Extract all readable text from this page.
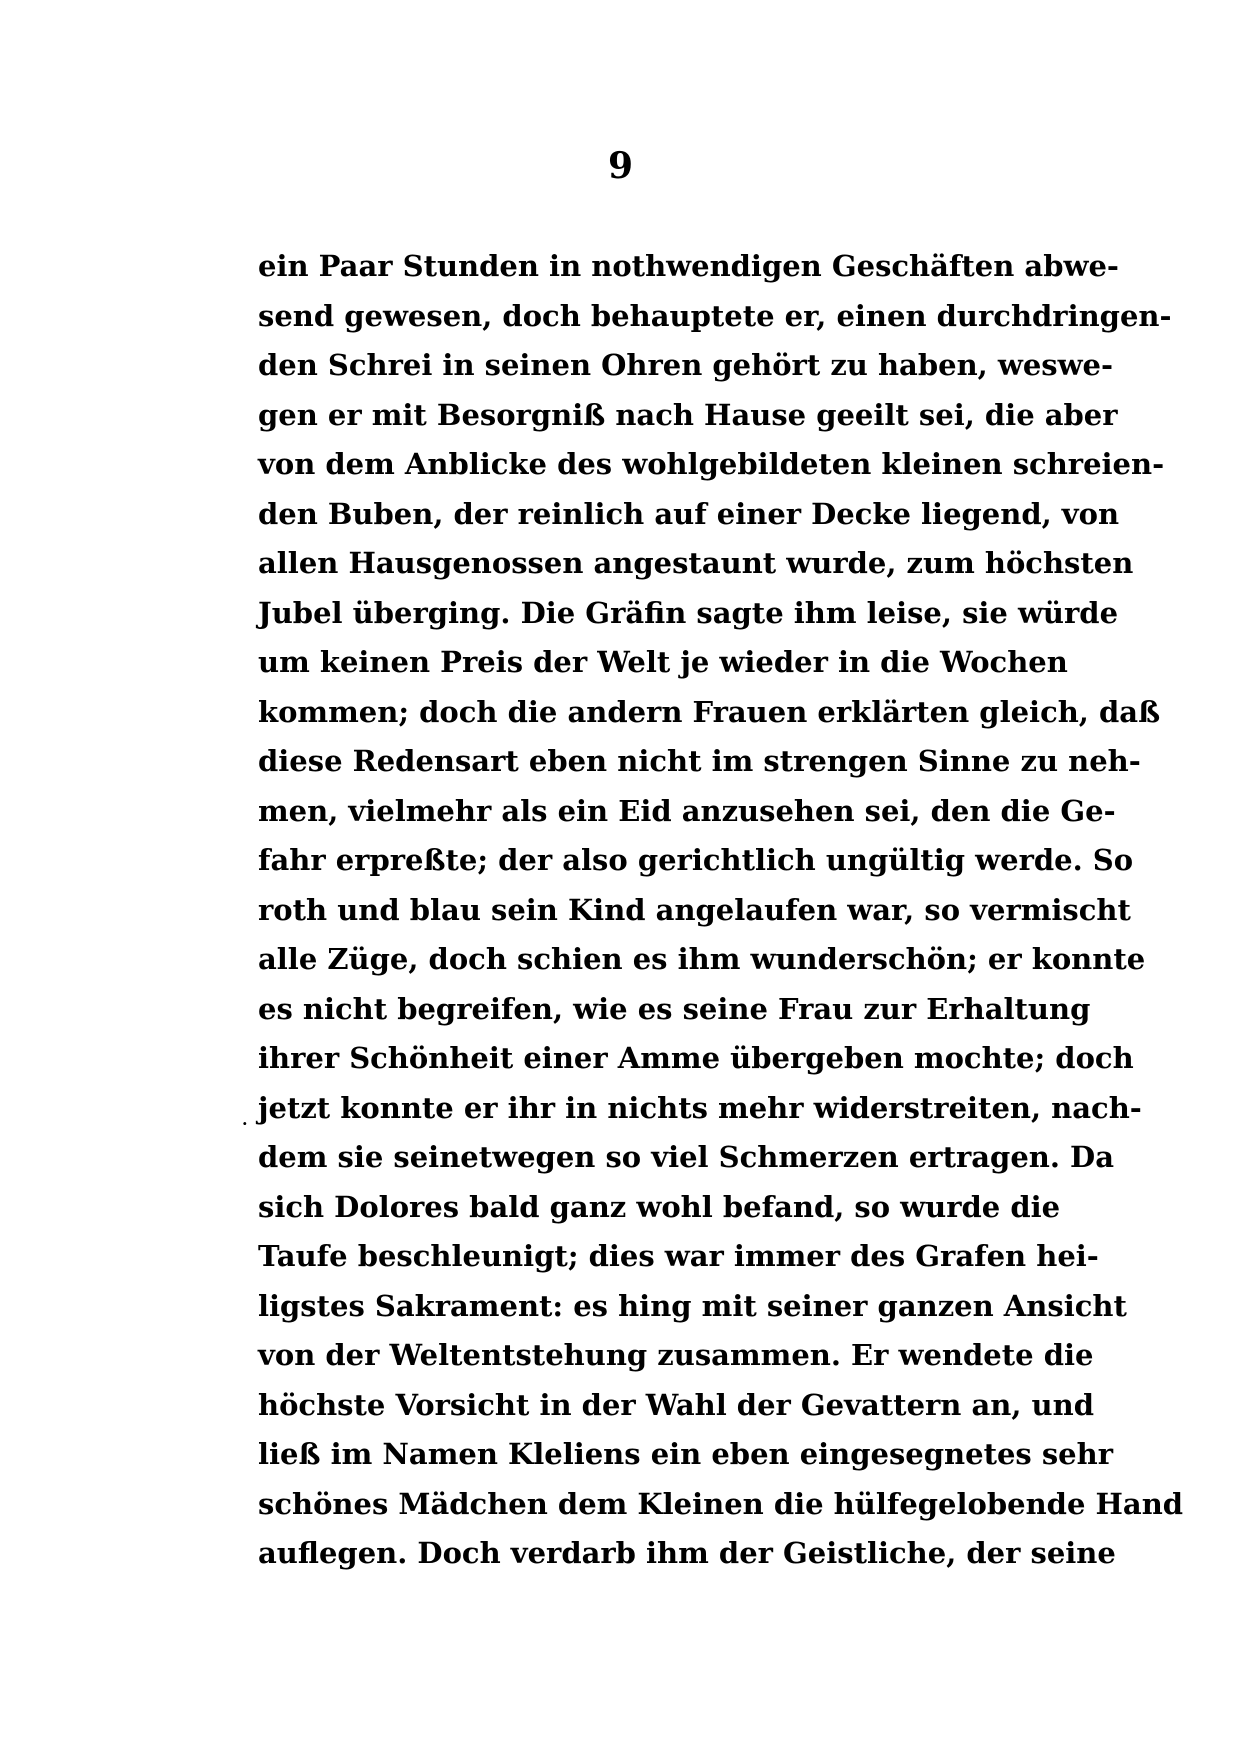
9
.
ein Paar Stunden in nothwendigen Geschäften abwe-
send gewesen, doch behauptete er, einen durchdringen-
den Schrei in seinen Ohren gehört zu haben, weswe-
gen er mit Besorgniß nach Hause geeilt sei, die aber
von dem Anblicke des wohlgebildeten kleinen schreien-
den Buben, der reinlich auf einer Decke liegend, von
allen Hausgenossen angestaunt wurde, zum höchsten
Jubel überging. Die Gräfin sagte ihm leise, sie würde
um keinen Preis der Welt je wieder in die Wochen
kommen; doch die andern Frauen erklärten gleich, daß
diese Redensart eben nicht im strengen Sinne zu neh-
men, vielmehr als ein Eid anzusehen sei, den die Ge-
fahr erpreßte; der also gerichtlich ungültig werde. So
roth und blau sein Kind angelaufen war, so vermischt
alle Züge, doch schien es ihm wunderschön; er konnte
es nicht begreifen, wie es seine Frau zur Erhaltung
ihrer Schönheit einer Amme übergeben mochte; doch
jetzt konnte er ihr in nichts mehr widerstreiten, nach-
dem sie seinetwegen so viel Schmerzen ertragen. Da
sich Dolores bald ganz wohl befand, so wurde die
Taufe beschleunigt; dies war immer des Grafen hei-
ligstes Sakrament: es hing mit seiner ganzen Ansicht
von der Weltentstehung zusammen. Er wendete die
höchste Vorsicht in der Wahl der Gevattern an, und
ließ im Namen Kleliens ein eben eingesegnetes sehr
schönes Mädchen dem Kleinen die hülfegelobende Hand
auflegen. Doch verdarb ihm der Geistliche, der seine
